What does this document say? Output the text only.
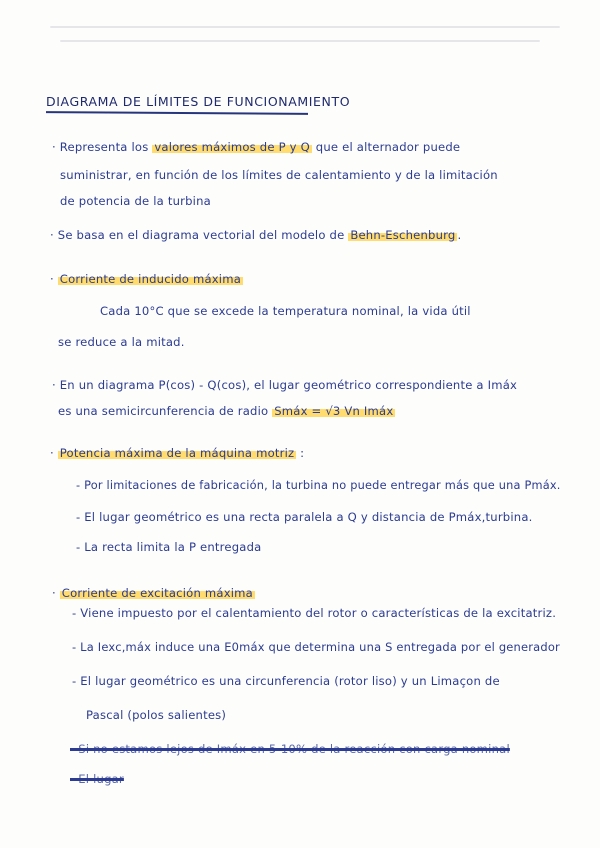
DIAGRAMA DE LÍMITES DE FUNCIONAMIENTO
· Representa los valores máximos de P y Q que el alternador puede
suministrar, en función de los límites de calentamiento y de la limitación
de potencia de la turbina
· Se basa en el diagrama vectorial del modelo de Behn-Eschenburg .
· Corriente de inducido máxima
Cada 10°C que se excede la temperatura nominal, la vida útil
se reduce a la mitad.
· En un diagrama P(cos) - Q(cos), el lugar geométrico correspondiente a Imáx
es una semicircunferencia de radio Smáx = √3 Vn Imáx
· Potencia máxima de la máquina motriz :
- Por limitaciones de fabricación, la turbina no puede entregar más que una Pmáx.
- El lugar geométrico es una recta paralela a Q y distancia de Pmáx,turbina.
- La recta limita la P entregada
· Corriente de excitación máxima
- Viene impuesto por el calentamiento del rotor o características de la excitatriz.
- La Iexc,máx induce una E0máx que determina una S entregada por el generador
- El lugar geométrico es una circunferencia (rotor liso) y un Limaçon de
Pascal (polos salientes)
- Si no estamos lejos de Imáx en 5-10% de la reacción con carga nominal
- El lugar
